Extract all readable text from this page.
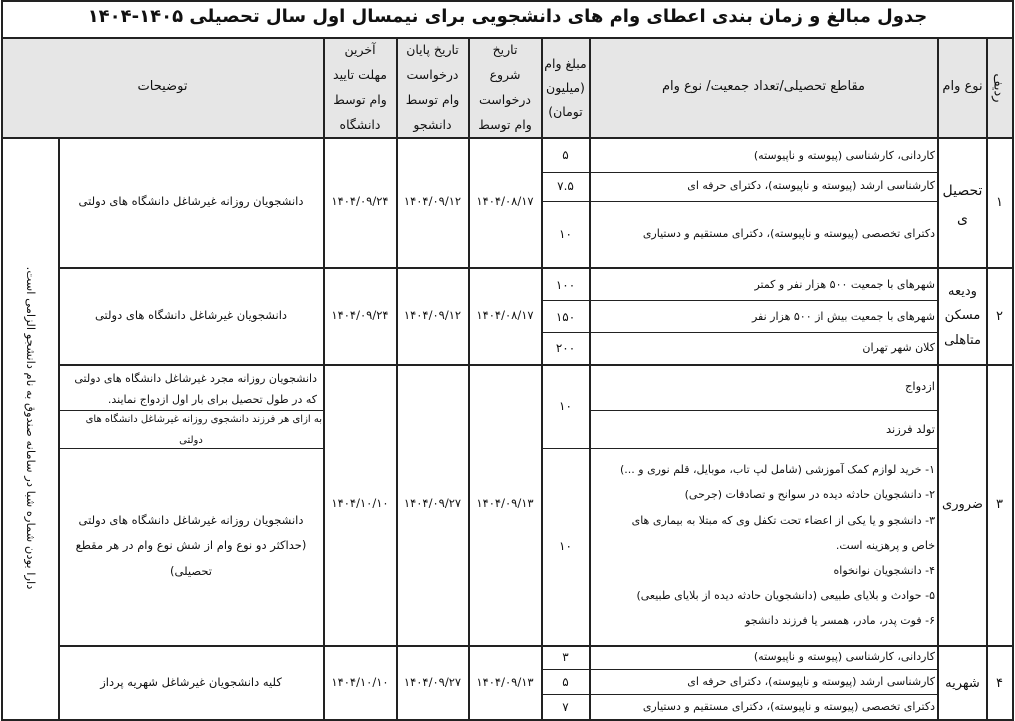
جدول مبالغ و زمان بندی اعطای وام های دانشجویی برای نیمسال اول سال تحصیلی ۱۴۰۵-۱۴۰۴
ردیف
نوع وام
مقاطع تحصیلی/تعداد جمعیت/ نوع وام
مبلغ وام
(میلیون
تومان)
تاریخ
شروع
درخواست
وام توسط
تاریخ پایان
درخواست
وام توسط
دانشجو
آخرین
مهلت تایید
وام توسط
دانشگاه
توضیحات
دارا بودن شماره شبا در سامانه صندوق به نام دانشجو الزامی است.
۱
تحصیل
ی
کاردانی، کارشناسی (پیوسته و ناپیوسته)
کارشناسی ارشد (پیوسته و ناپیوسته)، دکترای حرفه ای
دکترای تخصصی (پیوسته و ناپیوسته)، دکترای مستقیم و دستیاری
۵
۷.۵
۱۰
۱۴۰۴/۰۸/۱۷
۱۴۰۴/۰۹/۱۲
۱۴۰۴/۰۹/۲۴
دانشجویان روزانه غیرشاغل دانشگاه های دولتی
۲
ودیعه
مسکن
متاهلی
شهرهای با جمعیت ۵۰۰ هزار نفر و کمتر
شهرهای با جمعیت بیش از ۵۰۰ هزار نفر
کلان شهر تهران
۱۰۰
۱۵۰
۲۰۰
۱۴۰۴/۰۸/۱۷
۱۴۰۴/۰۹/۱۲
۱۴۰۴/۰۹/۲۴
دانشجویان غیرشاغل دانشگاه های دولتی
۳
ضروری
ازدواج
تولد فرزند
۱۰
۱- خرید لوازم کمک آموزشی (شامل لپ تاب، موبایل، قلم نوری و ...)
۲- دانشجویان حادثه دیده در سوانح و تصادفات (جرحی)
۳- دانشجو و یا یکی از اعضاء تحت تکفل وی که مبتلا به بیماری های
خاص و پرهزینه است.
۴- دانشجویان نوانخواه
۵- حوادث و بلایای طبیعی (دانشجویان حادثه دیده از بلایای طبیعی)
۶- فوت پدر، مادر، همسر یا فرزند دانشجو
۱۰
۱۴۰۴/۰۹/۱۳
۱۴۰۴/۰۹/۲۷
۱۴۰۴/۱۰/۱۰
دانشجویان روزانه مجرد غیرشاغل دانشگاه های دولتی
که در طول تحصیل برای بار اول ازدواج نمایند.
به ازای هر فرزند دانشجوی روزانه غیرشاغل دانشگاه های
دولتی
دانشجویان روزانه غیرشاغل دانشگاه های دولتی
(حداکثر دو نوع وام از شش نوع وام در هر مقطع
تحصیلی)
۴
شهریه
کاردانی، کارشناسی (پیوسته و ناپیوسته)
کارشناسی ارشد (پیوسته و ناپیوسته)، دکترای حرفه ای
دکترای تخصصی (پیوسته و ناپیوسته)، دکترای مستقیم و دستیاری
۳
۵
۷
۱۴۰۴/۰۹/۱۳
۱۴۰۴/۰۹/۲۷
۱۴۰۴/۱۰/۱۰
کلیه دانشجویان غیرشاغل شهریه پرداز
